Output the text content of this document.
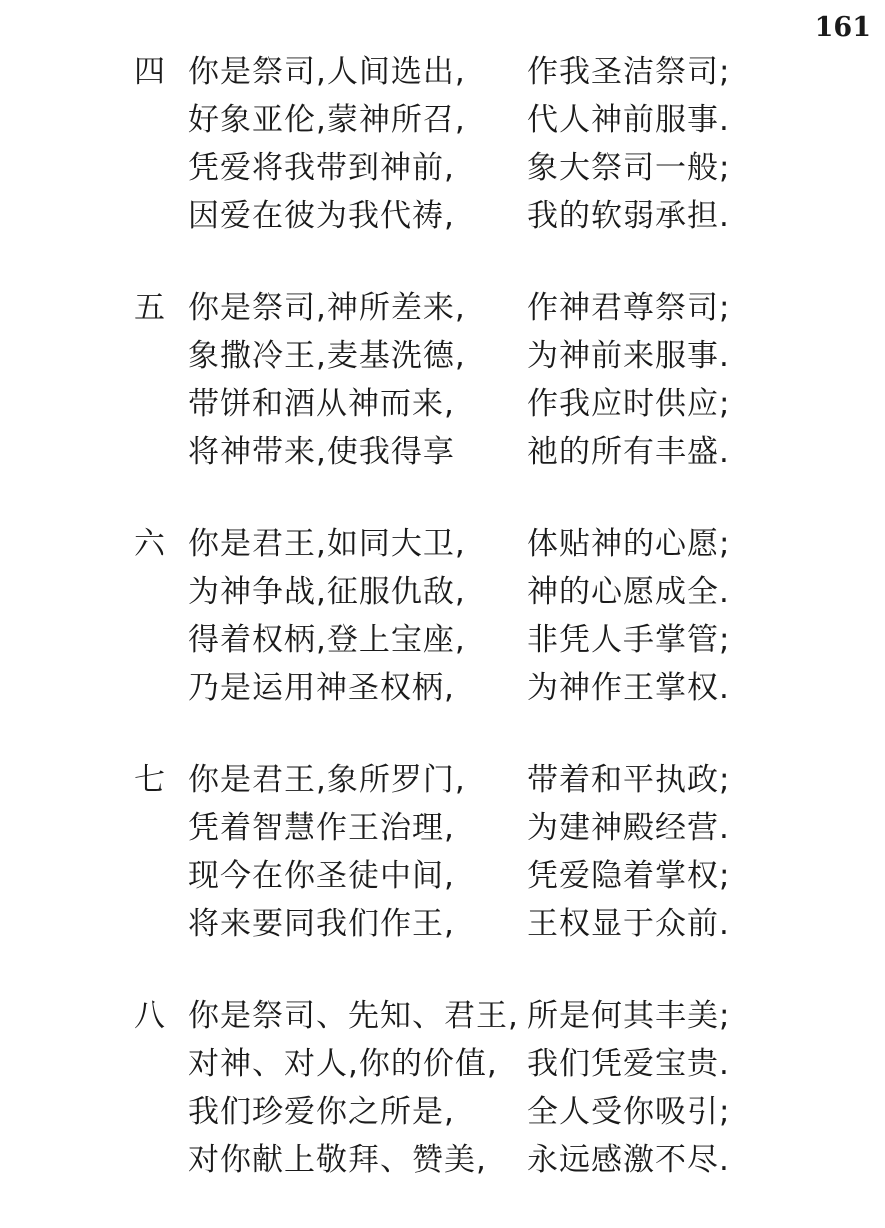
161
四 你是祭司,人间选出, 作我圣洁祭司;
好象亚伦,蒙神所召, 代人神前服事.
凭爱将我带到神前, 象大祭司一般;
因爱在彼为我代祷, 我的软弱承担.
五 你是祭司,神所差来, 作神君尊祭司;
象撒冷王,麦基洗德, 为神前来服事.
带饼和酒从神而来, 作我应时供应;
将神带来,使我得享 祂的所有丰盛.
六 你是君王,如同大卫, 体贴神的心愿;
为神争战,征服仇敌, 神的心愿成全.
得着权柄,登上宝座, 非凭人手掌管;
乃是运用神圣权柄, 为神作王掌权.
七 你是君王,象所罗门, 带着和平执政;
凭着智慧作王治理, 为建神殿经营.
现今在你圣徒中间, 凭爱隐着掌权;
将来要同我们作王, 王权显于众前.
八 你是祭司、先知、君王, 所是何其丰美;
对神、对人,你的价值, 我们凭爱宝贵.
我们珍爱你之所是, 全人受你吸引;
对你献上敬拜、赞美, 永远感激不尽.
